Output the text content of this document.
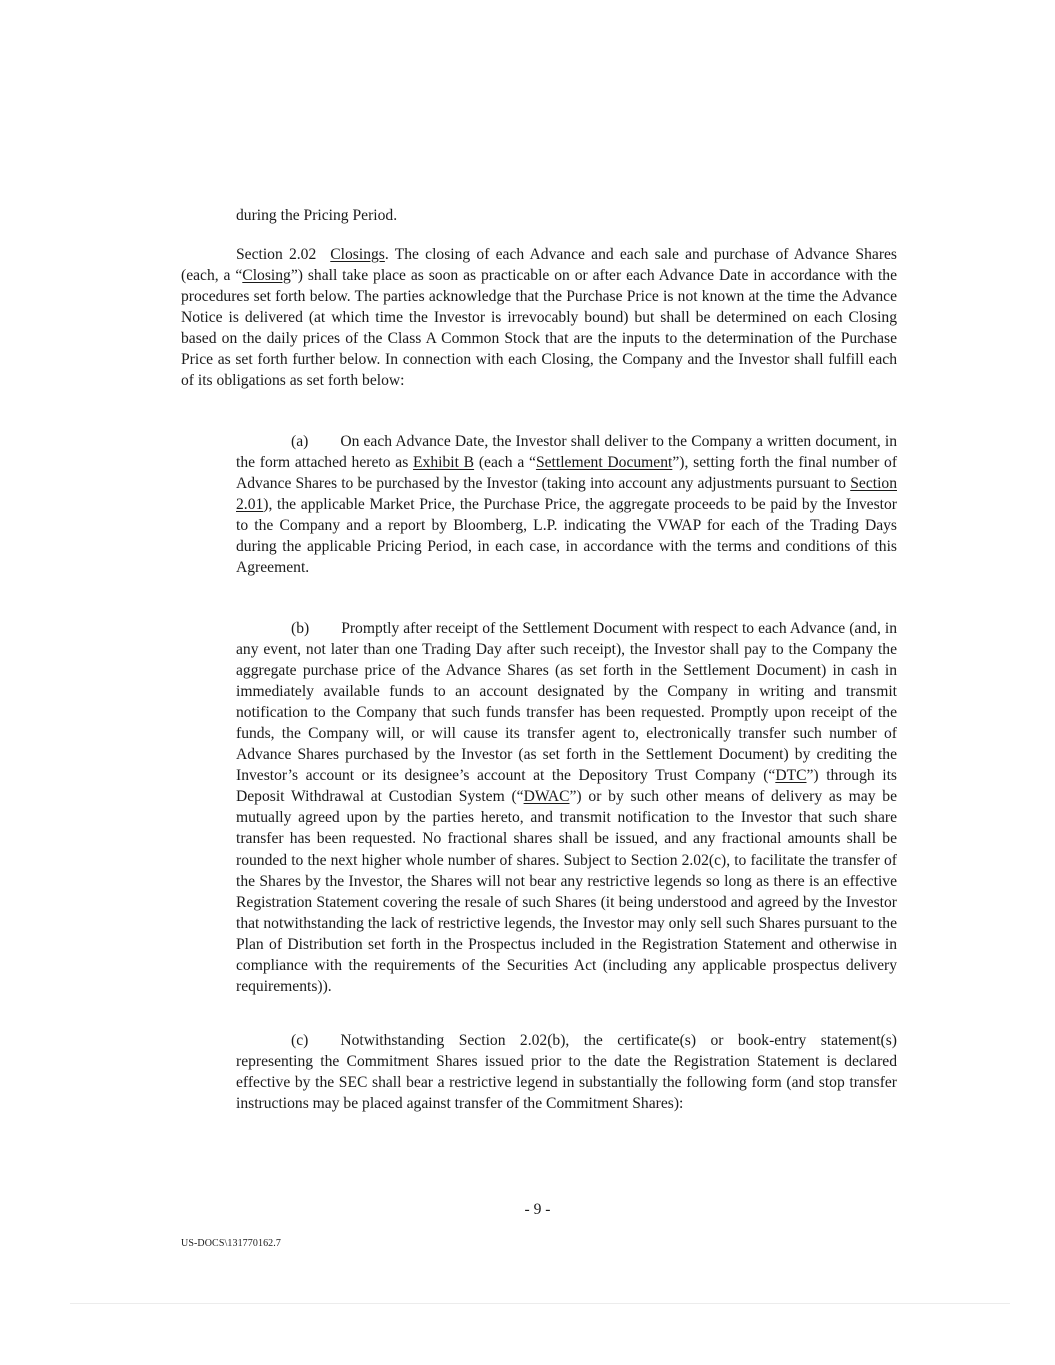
during the Pricing Period.

Section 2.02 Closings. The closing of each Advance and each sale and purchase of Advance Shares (each, a “Closing”) shall take place as soon as practicable on or after each Advance Date in accordance with the procedures set forth below. The parties acknowledge that the Purchase Price is not known at the time the Advance Notice is delivered (at which time the Investor is irrevocably bound) but shall be determined on each Closing based on the daily prices of the Class A Common Stock that are the inputs to the determination of the Purchase Price as set forth further below. In connection with each Closing, the Company and the Investor shall fulfill each of its obligations as set forth below:

(a) On each Advance Date, the Investor shall deliver to the Company a written document, in the form attached hereto as Exhibit B (each a “Settlement Document”), setting forth the final number of Advance Shares to be purchased by the Investor (taking into account any adjustments pursuant to Section 2.01), the applicable Market Price, the Purchase Price, the aggregate proceeds to be paid by the Investor to the Company and a report by Bloomberg, L.P. indicating the VWAP for each of the Trading Days during the applicable Pricing Period, in each case, in accordance with the terms and conditions of this Agreement.

(b) Promptly after receipt of the Settlement Document with respect to each Advance (and, in any event, not later than one Trading Day after such receipt), the Investor shall pay to the Company the aggregate purchase price of the Advance Shares (as set forth in the Settlement Document) in cash in immediately available funds to an account designated by the Company in writing and transmit notification to the Company that such funds transfer has been requested. Promptly upon receipt of the funds, the Company will, or will cause its transfer agent to, electronically transfer such number of Advance Shares purchased by the Investor (as set forth in the Settlement Document) by crediting the Investor’s account or its designee’s account at the Depository Trust Company (“DTC”) through its Deposit Withdrawal at Custodian System (“DWAC”) or by such other means of delivery as may be mutually agreed upon by the parties hereto, and transmit notification to the Investor that such share transfer has been requested. No fractional shares shall be issued, and any fractional amounts shall be rounded to the next higher whole number of shares. Subject to Section 2.02(c), to facilitate the transfer of the Shares by the Investor, the Shares will not bear any restrictive legends so long as there is an effective Registration Statement covering the resale of such Shares (it being understood and agreed by the Investor that notwithstanding the lack of restrictive legends, the Investor may only sell such Shares pursuant to the Plan of Distribution set forth in the Prospectus included in the Registration Statement and otherwise in compliance with the requirements of the Securities Act (including any applicable prospectus delivery requirements)).

(c) Notwithstanding Section 2.02(b), the certificate(s) or book-entry statement(s) representing the Commitment Shares issued prior to the date the Registration Statement is declared effective by the SEC shall bear a restrictive legend in substantially the following form (and stop transfer instructions may be placed against transfer of the Commitment Shares):

- 9 -
US-DOCS\131770162.7
